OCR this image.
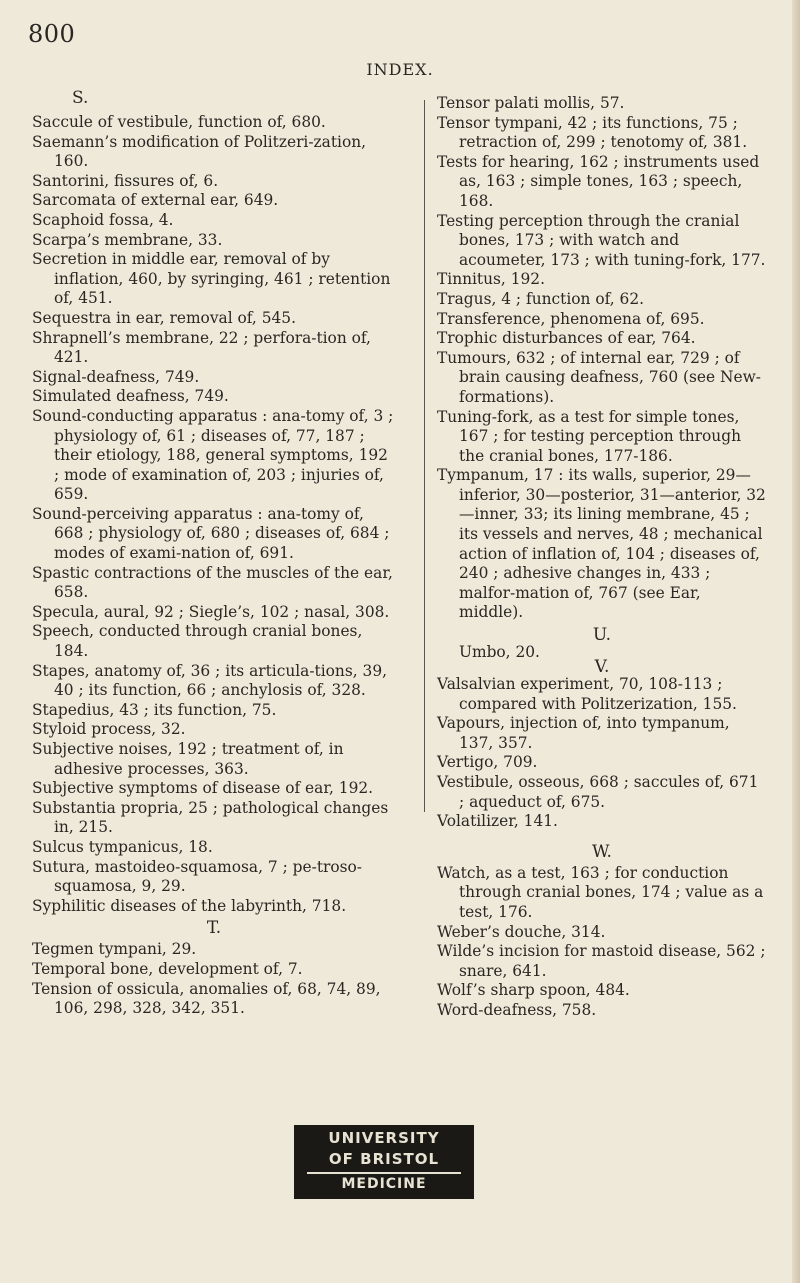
800
INDEX.

S.

Saccule of vestibule, function of, 680.

Saemann’s modification of Politzeri-zation, 160.

Santorini, fissures of, 6.

Sarcomata of external ear, 649.

Scaphoid fossa, 4.

Scarpa’s membrane, 33.

Secretion in middle ear, removal of by inflation, 460, by syringing, 461 ; retention of, 451.

Sequestra in ear, removal of, 545.

Shrapnell’s membrane, 22 ; perfora-tion of, 421.

Signal-deafness, 749.

Simulated deafness, 749.

Sound-conducting apparatus : ana-tomy of, 3 ; physiology of, 61 ; diseases of, 77, 187 ; their etiology, 188, general symptoms, 192 ; mode of examination of, 203 ; injuries of, 659.

Sound-perceiving apparatus : ana-tomy of, 668 ; physiology of, 680 ; diseases of, 684 ; modes of exami-nation of, 691.

Spastic contractions of the muscles of the ear, 658.

Specula, aural, 92 ; Siegle’s, 102 ; nasal, 308.

Speech, conducted through cranial bones, 184.

Stapes, anatomy of, 36 ; its articula-tions, 39, 40 ; its function, 66 ; anchylosis of, 328.

Stapedius, 43 ; its function, 75.

Styloid process, 32.

Subjective noises, 192 ; treatment of, in adhesive processes, 363.

Subjective symptoms of disease of ear, 192.

Substantia propria, 25 ; pathological changes in, 215.

Sulcus tympanicus, 18.

Sutura, mastoideo-squamosa, 7 ; pe-troso-squamosa, 9, 29.

Syphilitic diseases of the labyrinth, 718.

T.

Tegmen tympani, 29.

Temporal bone, development of, 7.

Tension of ossicula, anomalies of, 68, 74, 89, 106, 298, 328, 342, 351.

Tensor palati mollis, 57.

Tensor tympani, 42 ; its functions, 75 ; retraction of, 299 ; tenotomy of, 381.

Tests for hearing, 162 ; instruments used as, 163 ; simple tones, 163 ; speech, 168.

Testing perception through the cranial bones, 173 ; with watch and acoumeter, 173 ; with tuning-fork, 177.

Tinnitus, 192.

Tragus, 4 ; function of, 62.

Transference, phenomena of, 695.

Trophic disturbances of ear, 764.

Tumours, 632 ; of internal ear, 729 ; of brain causing deafness, 760 (see New-formations).

Tuning-fork, as a test for simple tones, 167 ; for testing perception through the cranial bones, 177-186.

Tympanum, 17 : its walls, superior, 29—inferior, 30—posterior, 31—anterior, 32—inner, 33; its lining membrane, 45 ; its vessels and nerves, 48 ; mechanical action of inflation of, 104 ; diseases of, 240 ; adhesive changes in, 433 ; malfor-mation of, 767 (see Ear, middle).

U.

Umbo, 20.

V.

Valsalvian experiment, 70, 108-113 ; compared with Politzerization, 155.

Vapours, injection of, into tympanum, 137, 357.

Vertigo, 709.

Vestibule, osseous, 668 ; saccules of, 671 ; aqueduct of, 675.

Volatilizer, 141.

W.

Watch, as a test, 163 ; for conduction through cranial bones, 174 ; value as a test, 176.

Weber’s douche, 314.

Wilde’s incision for mastoid disease, 562 ; snare, 641.

Wolf’s sharp spoon, 484.

Word-deafness, 758.

UNIVERSITY
OF BRISTOL
MEDICINE
